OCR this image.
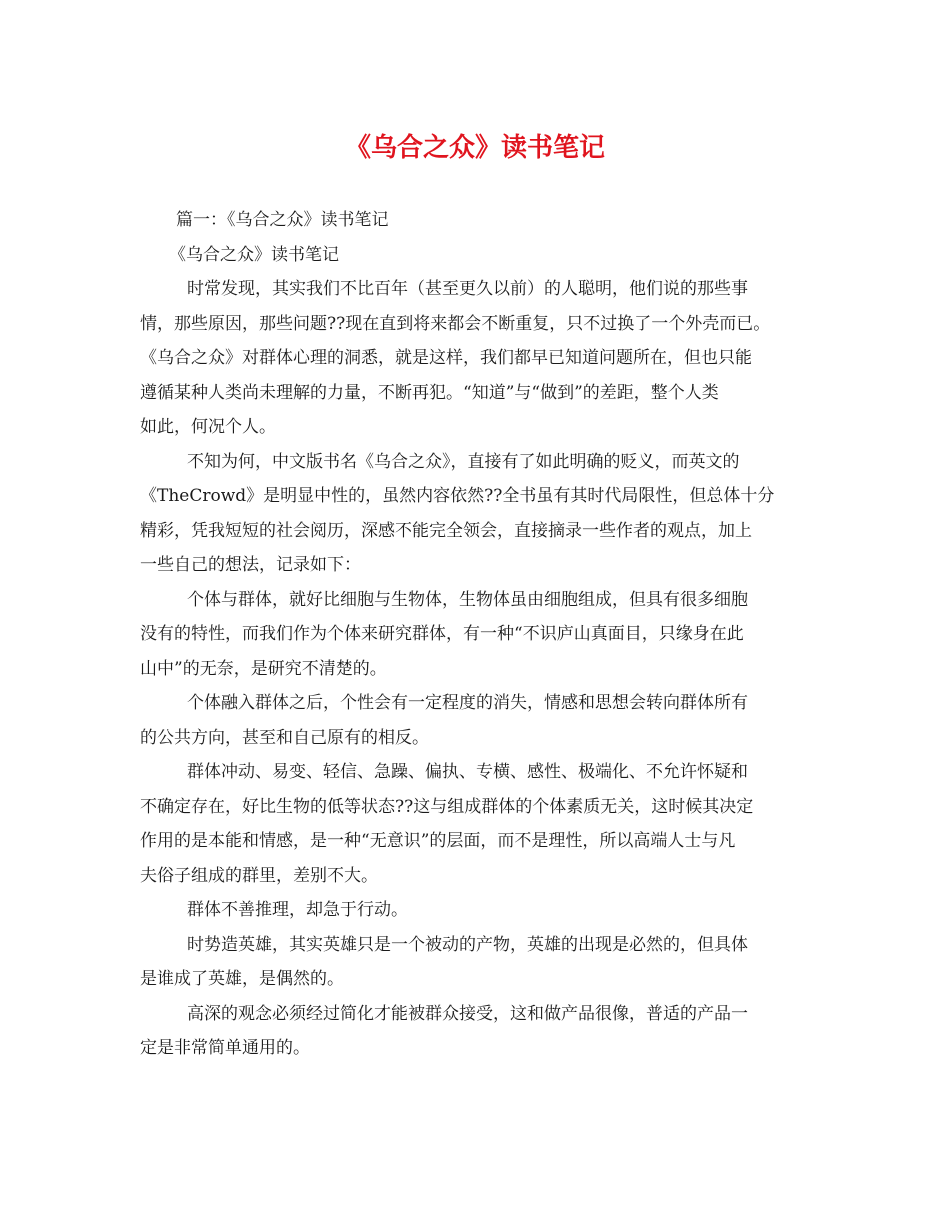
《乌合之众》读书笔记
篇一：《乌合之众》读书笔记
《乌合之众》读书笔记
时常发现，其实我们不比百年（甚至更久以前）的人聪明，他们说的那些事
情，那些原因，那些问题??现在直到将来都会不断重复，只不过换了一个外壳而已。
《乌合之众》对群体心理的洞悉，就是这样，我们都早已知道问题所在，但也只能
遵循某种人类尚未理解的力量，不断再犯。“知道”与“做到”的差距，整个人类
如此，何况个人。
不知为何，中文版书名《乌合之众》，直接有了如此明确的贬义，而英文的
《TheCrowd》是明显中性的，虽然内容依然??全书虽有其时代局限性，但总体十分
精彩，凭我短短的社会阅历，深感不能完全领会，直接摘录一些作者的观点，加上
一些自己的想法，记录如下：
个体与群体，就好比细胞与生物体，生物体虽由细胞组成，但具有很多细胞
没有的特性，而我们作为个体来研究群体，有一种“不识庐山真面目，只缘身在此
山中”的无奈，是研究不清楚的。
个体融入群体之后，个性会有一定程度的消失，情感和思想会转向群体所有
的公共方向，甚至和自己原有的相反。
群体冲动、易变、轻信、急躁、偏执、专横、感性、极端化、不允许怀疑和
不确定存在，好比生物的低等状态??这与组成群体的个体素质无关，这时候其决定
作用的是本能和情感，是一种“无意识”的层面，而不是理性，所以高端人士与凡
夫俗子组成的群里，差别不大。
群体不善推理，却急于行动。
时势造英雄，其实英雄只是一个被动的产物，英雄的出现是必然的，但具体
是谁成了英雄，是偶然的。
高深的观念必须经过简化才能被群众接受，这和做产品很像，普适的产品一
定是非常简单通用的。
